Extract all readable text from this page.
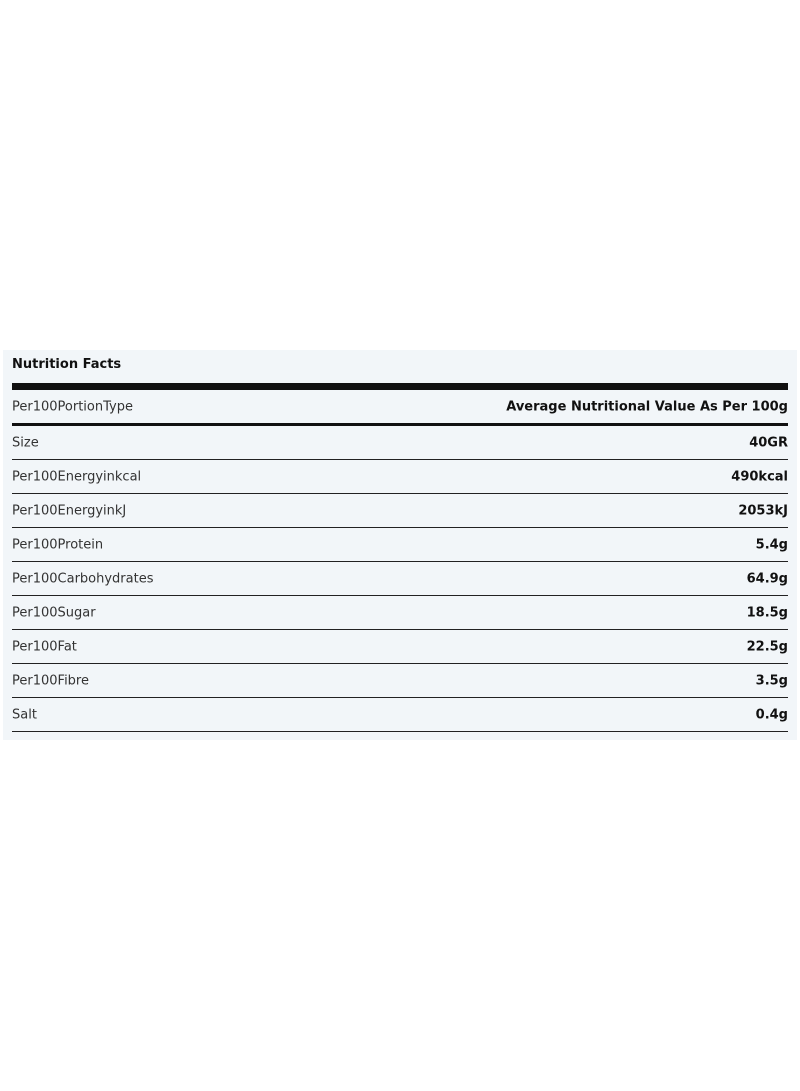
Nutrition Facts
Per100PortionType	Average Nutritional Value As Per 100g
Size	40GR
Per100Energyinkcal	490kcal
Per100EnergyinkJ	2053kJ
Per100Protein	5.4g
Per100Carbohydrates	64.9g
Per100Sugar	18.5g
Per100Fat	22.5g
Per100Fibre	3.5g
Salt	0.4g
